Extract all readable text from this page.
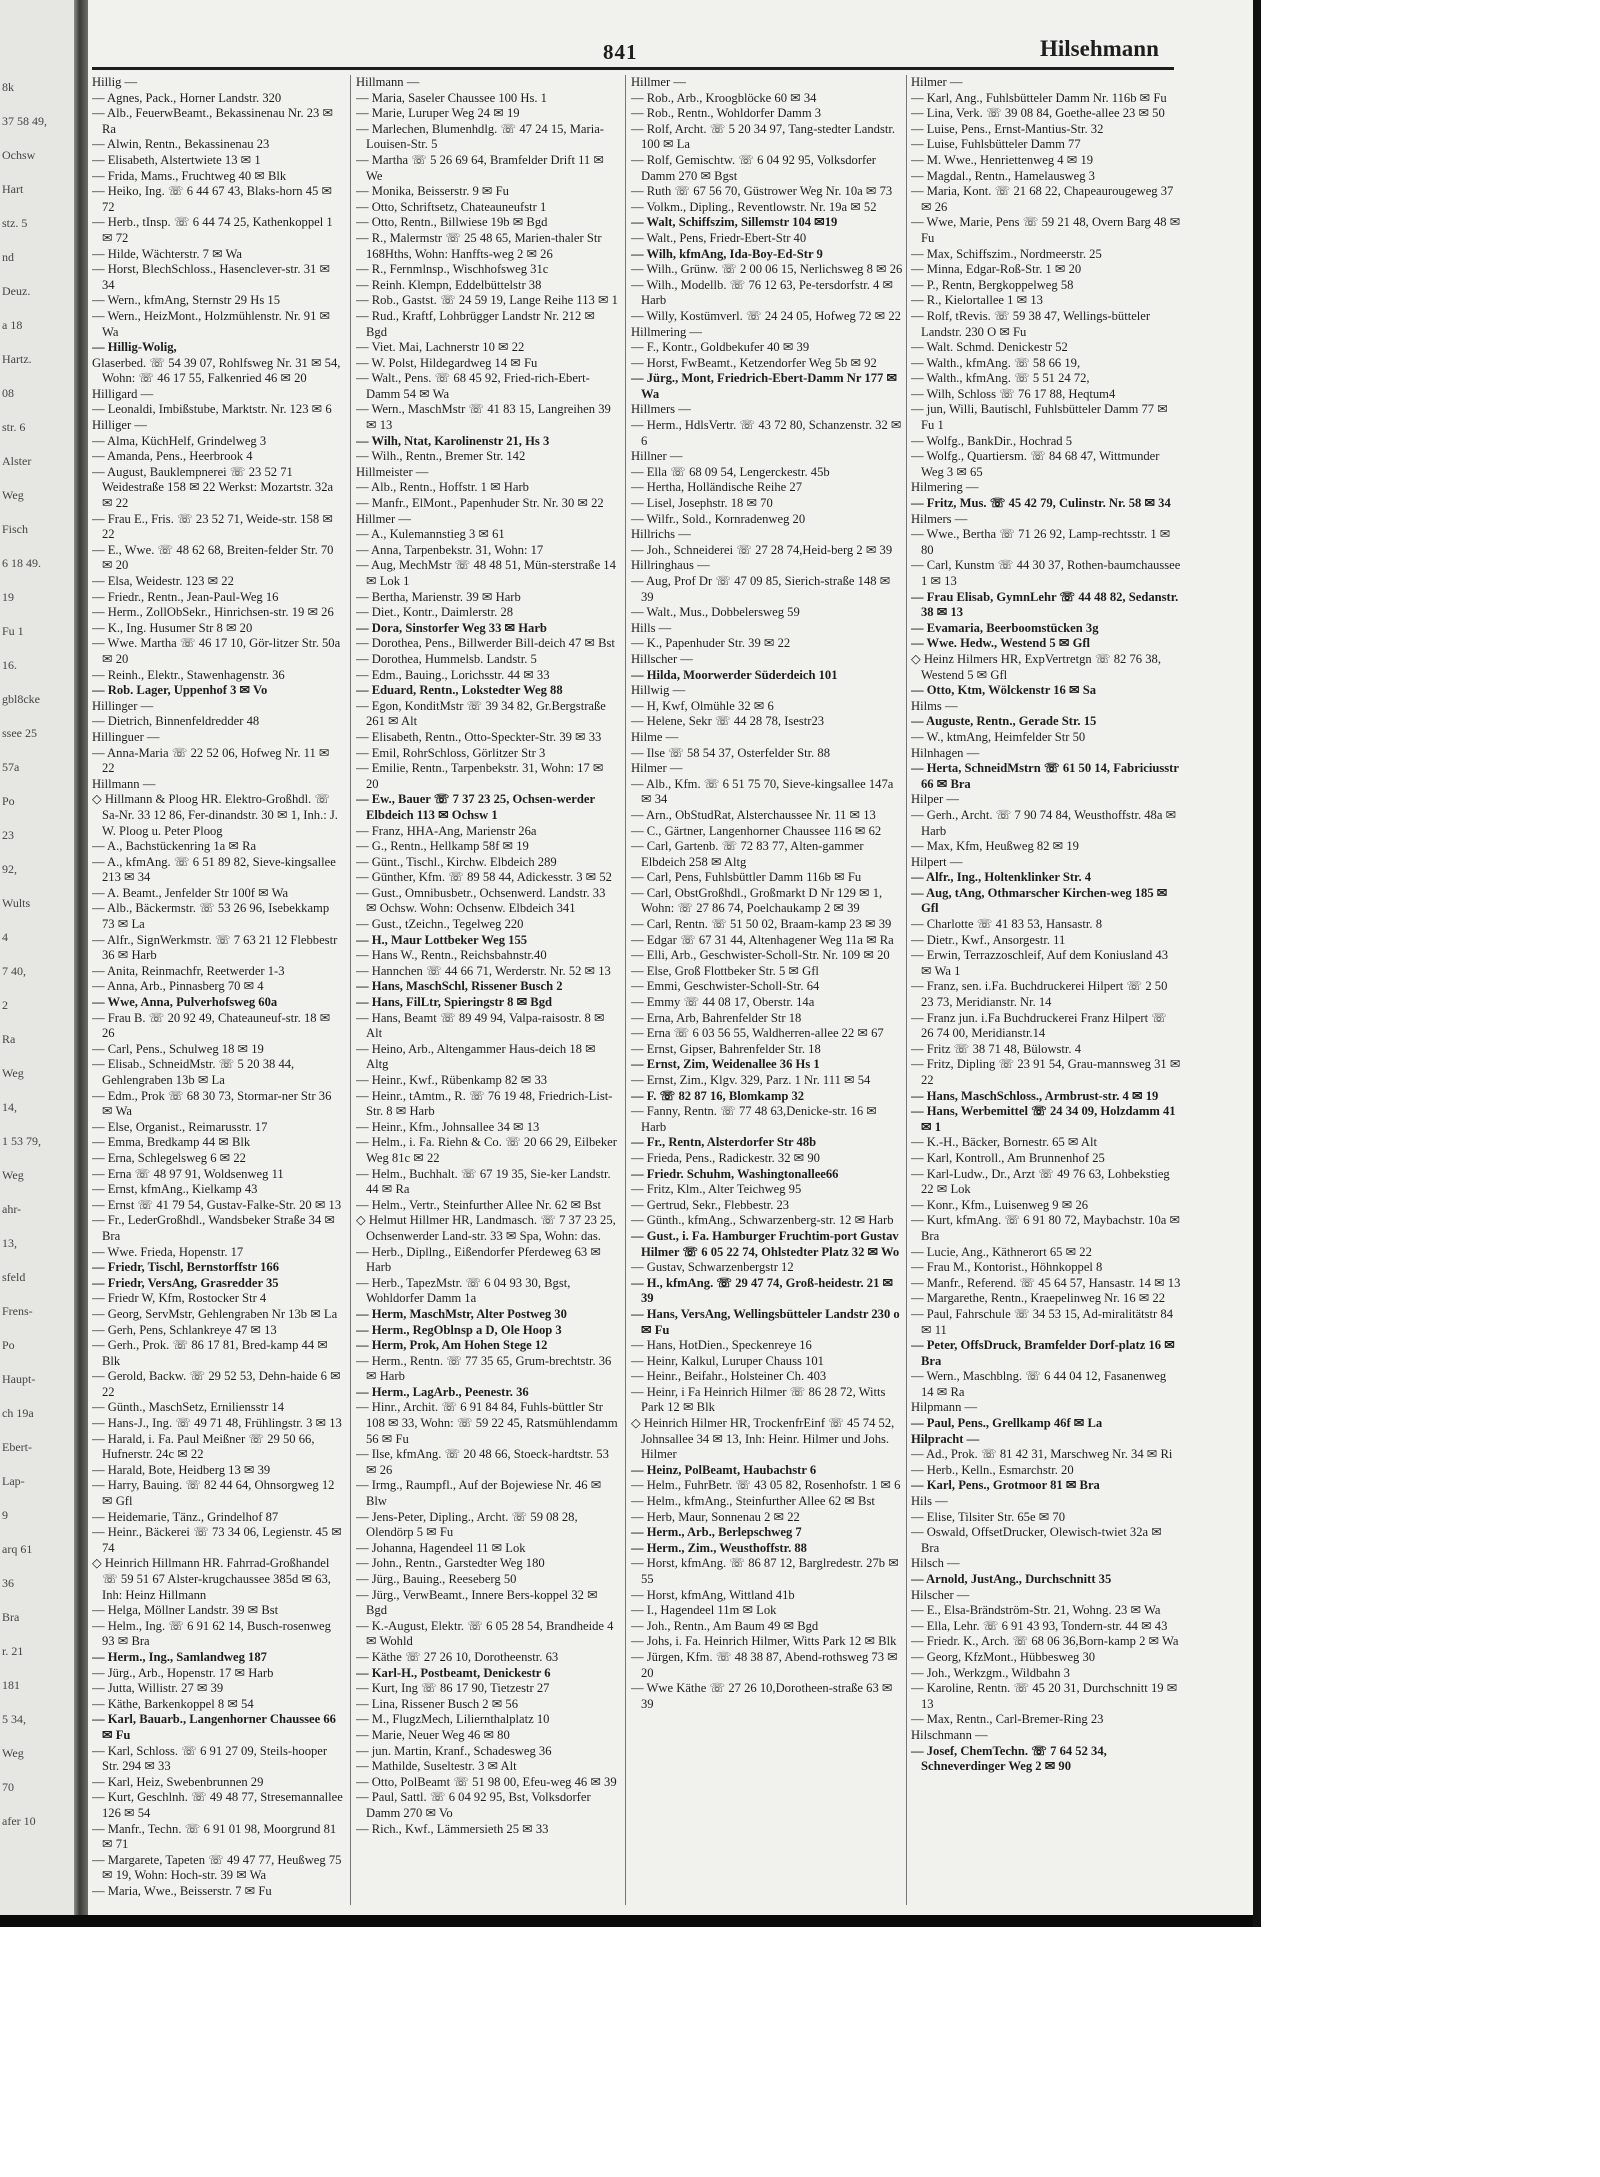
8k
37 58 49,
Ochsw
Hart
stz. 5
nd
Deuz.
a 18
Hartz.
08
str. 6
Alster
Weg
Fisch
6 18 49.
19
Fu 1
16.
gbl8cke
ssee 25
57a
Po
23
92,
Wults
4
7 40,
2
Ra
Weg
14,
1 53 79,
Weg
ahr-
13,
sfeld
Frens-
Po
Haupt-
ch 19a
Ebert-
Lap-
9
arq 61
36
Bra
r. 21
181
5 34,
Weg
70
afer 10
841	Hilsehmann

Hillig —

— Agnes, Pack., Horner Landstr. 320

— Alb., FeuerwBeamt., Bekassinenau Nr. 23 ✉ Ra

— Alwin, Rentn., Bekassinenau 23

— Elisabeth, Alstertwiete 13 ✉ 1

— Frida, Mams., Fruchtweg 40 ✉ Blk

— Heiko, Ing. ☏ 6 44 67 43, Blaks-horn 45 ✉ 72

— Herb., tInsp. ☏ 6 44 74 25, Kathenkoppel 1 ✉ 72

— Hilde, Wächterstr. 7 ✉ Wa

— Horst, BlechSchloss., Hasenclever-str. 31 ✉ 34

— Wern., kfmAng, Sternstr 29 Hs 15

— Wern., HeizMont., Holzmühlenstr. Nr. 91 ✉ Wa

— Hillig-Wolig,

Glaserbed. ☏ 54 39 07, Rohlfsweg Nr. 31 ✉ 54, Wohn: ☏ 46 17 55, Falkenried 46 ✉ 20

Hilligard —

— Leonaldi, Imbißstube, Marktstr. Nr. 123 ✉ 6

Hilliger —

— Alma, KüchHelf, Grindelweg 3

— Amanda, Pens., Heerbrook 4

— August, Bauklempnerei ☏ 23 52 71 Weidestraße 158 ✉ 22 Werkst: Mozartstr. 32a ✉ 22

— Frau E., Fris. ☏ 23 52 71, Weide-str. 158 ✉ 22

— E., Wwe. ☏ 48 62 68, Breiten-felder Str. 70 ✉ 20

— Elsa, Weidestr. 123 ✉ 22

— Friedr., Rentn., Jean-Paul-Weg 16

— Herm., ZollObSekr., Hinrichsen-str. 19 ✉ 26

— K., Ing. Husumer Str 8 ✉ 20

— Wwe. Martha ☏ 46 17 10, Gör-litzer Str. 50a ✉ 20

— Reinh., Elektr., Stawenhagenstr. 36

— Rob. Lager, Uppenhof 3 ✉ Vo

Hillinger —

— Dietrich, Binnenfeldredder 48

Hillinguer —

— Anna-Maria ☏ 22 52 06, Hofweg Nr. 11 ✉ 22

Hillmann —

◇ Hillmann & Ploog HR. Elektro-Großhdl. ☏ Sa-Nr. 33 12 86, Fer-dinandstr. 30 ✉ 1, Inh.: J. W. Ploog u. Peter Ploog

— A., Bachstückenring 1a ✉ Ra

— A., kfmAng. ☏ 6 51 89 82, Sieve-kingsallee 213 ✉ 34

— A. Beamt., Jenfelder Str 100f ✉ Wa

— Alb., Bäckermstr. ☏ 53 26 96, Isebekkamp 73 ✉ La

— Alfr., SignWerkmstr. ☏ 7 63 21 12 Flebbestr 36 ✉ Harb

— Anita, Reinmachfr, Reetwerder 1-3

— Anna, Arb., Pinnasberg 70 ✉ 4

— Wwe, Anna, Pulverhofsweg 60a

— Frau B. ☏ 20 92 49, Chateauneuf-str. 18 ✉ 26

— Carl, Pens., Schulweg 18 ✉ 19

— Elisab., SchneidMstr. ☏ 5 20 38 44, Gehlengraben 13b ✉ La

— Edm., Prok ☏ 68 30 73, Stormar-ner Str 36 ✉ Wa

— Else, Organist., Reimarusstr. 17

— Emma, Bredkamp 44 ✉ Blk

— Erna, Schlegelsweg 6 ✉ 22

— Erna ☏ 48 97 91, Woldsenweg 11

— Ernst, kfmAng., Kielkamp 43

— Ernst ☏ 41 79 54, Gustav-Falke-Str. 20 ✉ 13

— Fr., LederGroßhdl., Wandsbeker Straße 34 ✉ Bra

— Wwe. Frieda, Hopenstr. 17

— Friedr, Tischl, Bernstorffstr 166

— Friedr, VersAng, Grasredder 35

— Friedr W, Kfm, Rostocker Str 4

— Georg, ServMstr, Gehlengraben Nr 13b ✉ La

— Gerh, Pens, Schlankreye 47 ✉ 13

— Gerh., Prok. ☏ 86 17 81, Bred-kamp 44 ✉ Blk

— Gerold, Backw. ☏ 29 52 53, Dehn-haide 6 ✉ 22

— Günth., MaschSetz, Erniliensstr 14

— Hans-J., Ing. ☏ 49 71 48, Frühlingstr. 3 ✉ 13

— Harald, i. Fa. Paul Meißner ☏ 29 50 66, Hufnerstr. 24c ✉ 22

— Harald, Bote, Heidberg 13 ✉ 39

— Harry, Bauing. ☏ 82 44 64, Ohnsorgweg 12 ✉ Gfl

— Heidemarie, Tänz., Grindelhof 87

— Heinr., Bäckerei ☏ 73 34 06, Legienstr. 45 ✉ 74

◇ Heinrich Hillmann HR. Fahrrad-Großhandel ☏ 59 51 67 Alster-krugchaussee 385d ✉ 63, Inh: Heinz Hillmann

— Helga, Möllner Landstr. 39 ✉ Bst

— Helm., Ing. ☏ 6 91 62 14, Busch-rosenweg 93 ✉ Bra

— Herm., Ing., Samlandweg 187

— Jürg., Arb., Hopenstr. 17 ✉ Harb

— Jutta, Willistr. 27 ✉ 39

— Käthe, Barkenkoppel 8 ✉ 54

— Karl, Bauarb., Langenhorner Chaussee 66 ✉ Fu

— Karl, Schloss. ☏ 6 91 27 09, Steils-hooper Str. 294 ✉ 33

— Karl, Heiz, Swebenbrunnen 29

— Kurt, Geschlnh. ☏ 49 48 77, Stresemannallee 126 ✉ 54

— Manfr., Techn. ☏ 6 91 01 98, Moorgrund 81 ✉ 71

— Margarete, Tapeten ☏ 49 47 77, Heußweg 75 ✉ 19, Wohn: Hoch-str. 39 ✉ Wa

— Maria, Wwe., Beisserstr. 7 ✉ Fu

Hillmann —

— Maria, Saseler Chaussee 100 Hs. 1

— Marie, Luruper Weg 24 ✉ 19

— Marlechen, Blumenhdlg. ☏ 47 24 15, Maria-Louisen-Str. 5

— Martha ☏ 5 26 69 64, Bramfelder Drift 11 ✉ We

— Monika, Beisserstr. 9 ✉ Fu

— Otto, Schriftsetz, Chateauneufstr 1

— Otto, Rentn., Billwiese 19b ✉ Bgd

— R., Malermstr ☏ 25 48 65, Marien-thaler Str 168Hths, Wohn: Hanffts-weg 2 ✉ 26

— R., Fernmlnsp., Wischhofsweg 31c

— Reinh. Klempn, Eddelbüttelstr 38

— Rob., Gastst. ☏ 24 59 19, Lange Reihe 113 ✉ 1

— Rud., Kraftf, Lohbrügger Landstr Nr. 212 ✉ Bgd

— Viet. Mai, Lachnerstr 10 ✉ 22

— W. Polst, Hildegardweg 14 ✉ Fu

— Walt., Pens. ☏ 68 45 92, Fried-rich-Ebert-Damm 54 ✉ Wa

— Wern., MaschMstr ☏ 41 83 15, Langreihen 39 ✉ 13

— Wilh, Ntat, Karolinenstr 21, Hs 3

— Wilh., Rentn., Bremer Str. 142

Hillmeister —

— Alb., Rentn., Hoffstr. 1 ✉ Harb

— Manfr., ElMont., Papenhuder Str. Nr. 30 ✉ 22

Hillmer —

— A., Kulemannstieg 3 ✉ 61

— Anna, Tarpenbekstr. 31, Wohn: 17

— Aug, MechMstr ☏ 48 48 51, Mün-sterstraße 14 ✉ Lok 1

— Bertha, Marienstr. 39 ✉ Harb

— Diet., Kontr., Daimlerstr. 28

— Dora, Sinstorfer Weg 33 ✉ Harb

— Dorothea, Pens., Billwerder Bill-deich 47 ✉ Bst

— Dorothea, Hummelsb. Landstr. 5

— Edm., Bauing., Lorichsstr. 44 ✉ 33

— Eduard, Rentn., Lokstedter Weg 88

— Egon, KonditMstr ☏ 39 34 82, Gr.Bergstraße 261 ✉ Alt

— Elisabeth, Rentn., Otto-Speckter-Str. 39 ✉ 33

— Emil, RohrSchloss, Görlitzer Str 3

— Emilie, Rentn., Tarpenbekstr. 31, Wohn: 17 ✉ 20

— Ew., Bauer ☏ 7 37 23 25, Ochsen-werder Elbdeich 113 ✉ Ochsw 1

— Franz, HHA-Ang, Marienstr 26a

— G., Rentn., Hellkamp 58f ✉ 19

— Günt., Tischl., Kirchw. Elbdeich 289

— Günther, Kfm. ☏ 89 58 44, Adickesstr. 3 ✉ 52

— Gust., Omnibusbetr., Ochsenwerd. Landstr. 33 ✉ Ochsw. Wohn: Ochsenw. Elbdeich 341

— Gust., tZeichn., Tegelweg 220

— H., Maur Lottbeker Weg 155

— Hans W., Rentn., Reichsbahnstr.40

— Hannchen ☏ 44 66 71, Werderstr. Nr. 52 ✉ 13

— Hans, MaschSchl, Rissener Busch 2

— Hans, FilLtr, Spieringstr 8 ✉ Bgd

— Hans, Beamt ☏ 89 49 94, Valpa-raisostr. 8 ✉ Alt

— Heino, Arb., Altengammer Haus-deich 18 ✉ Altg

— Heinr., Kwf., Rübenkamp 82 ✉ 33

— Heinr., tAmtm., R. ☏ 76 19 48, Friedrich-List-Str. 8 ✉ Harb

— Heinr., Kfm., Johnsallee 34 ✉ 13

— Helm., i. Fa. Riehn & Co. ☏ 20 66 29, Eilbeker Weg 81c ✉ 22

— Helm., Buchhalt. ☏ 67 19 35, Sie-ker Landstr. 44 ✉ Ra

— Helm., Vertr., Steinfurther Allee Nr. 62 ✉ Bst

◇ Helmut Hillmer HR, Landmasch. ☏ 7 37 23 25, Ochsenwerder Land-str. 33 ✉ Spa, Wohn: das.

— Herb., Dipllng., Eißendorfer Pferdeweg 63 ✉ Harb

— Herb., TapezMstr. ☏ 6 04 93 30, Bgst, Wohldorfer Damm 1a

— Herm, MaschMstr, Alter Postweg 30

— Herm., RegOblnsp a D, Ole Hoop 3

— Herm, Prok, Am Hohen Stege 12

— Herm., Rentn. ☏ 77 35 65, Grum-brechtstr. 36 ✉ Harb

— Herm., LagArb., Peenestr. 36

— Hinr., Archit. ☏ 6 91 84 84, Fuhls-büttler Str 108 ✉ 33, Wohn: ☏ 59 22 45, Ratsmühlendamm 56 ✉ Fu

— Ilse, kfmAng. ☏ 20 48 66, Stoeck-hardtstr. 53 ✉ 26

— Irmg., Raumpfl., Auf der Bojewiese Nr. 46 ✉ Blw

— Jens-Peter, Dipling., Archt. ☏ 59 08 28, Olendörp 5 ✉ Fu

— Johanna, Hagendeel 11 ✉ Lok

— John., Rentn., Garstedter Weg 180

— Jürg., Bauing., Reeseberg 50

— Jürg., VerwBeamt., Innere Bers-koppel 32 ✉ Bgd

— K.-August, Elektr. ☏ 6 05 28 54, Brandheide 4 ✉ Wohld

— Käthe ☏ 27 26 10, Dorotheenstr. 63

— Karl-H., Postbeamt, Denickestr 6

— Kurt, Ing ☏ 86 17 90, Tietzestr 27

— Lina, Rissener Busch 2 ✉ 56

— M., FlugzMech, Liliernthalplatz 10

— Marie, Neuer Weg 46 ✉ 80

— jun. Martin, Kranf., Schadesweg 36

— Mathilde, Suseltestr. 3 ✉ Alt

— Otto, PolBeamt ☏ 51 98 00, Efeu-weg 46 ✉ 39

— Paul, Sattl. ☏ 6 04 92 95, Bst, Volksdorfer Damm 270 ✉ Vo

— Rich., Kwf., Lämmersieth 25 ✉ 33

Hillmer —

— Rob., Arb., Kroogblöcke 60 ✉ 34

— Rob., Rentn., Wohldorfer Damm 3

— Rolf, Archt. ☏ 5 20 34 97, Tang-stedter Landstr. 100 ✉ La

— Rolf, Gemischtw. ☏ 6 04 92 95, Volksdorfer Damm 270 ✉ Bgst

— Ruth ☏ 67 56 70, Güstrower Weg Nr. 10a ✉ 73

— Volkm., Dipling., Reventlowstr. Nr. 19a ✉ 52

— Walt, Schiffszim, Sillemstr 104 ✉19

— Walt., Pens, Friedr-Ebert-Str 40

— Wilh, kfmAng, Ida-Boy-Ed-Str 9

— Wilh., Grünw. ☏ 2 00 06 15, Nerlichsweg 8 ✉ 26

— Wilh., Modellb. ☏ 76 12 63, Pe-tersdorfstr. 4 ✉ Harb

— Willy, Kostümverl. ☏ 24 24 05, Hofweg 72 ✉ 22

Hillmering —

— F., Kontr., Goldbekufer 40 ✉ 39

— Horst, FwBeamt., Ketzendorfer Weg 5b ✉ 92

— Jürg., Mont, Friedrich-Ebert-Damm Nr 177 ✉ Wa

Hillmers —

— Herm., HdlsVertr. ☏ 43 72 80, Schanzenstr. 32 ✉ 6

Hillner —

— Ella ☏ 68 09 54, Lengerckestr. 45b

— Hertha, Holländische Reihe 27

— Lisel, Josephstr. 18 ✉ 70

— Wilfr., Sold., Kornradenweg 20

Hillrichs —

— Joh., Schneiderei ☏ 27 28 74,Heid-berg 2 ✉ 39

Hillringhaus —

— Aug, Prof Dr ☏ 47 09 85, Sierich-straße 148 ✉ 39

— Walt., Mus., Dobbelersweg 59

Hills —

— K., Papenhuder Str. 39 ✉ 22

Hillscher —

— Hilda, Moorwerder Süderdeich 101

Hillwig —

— H, Kwf, Olmühle 32 ✉ 6

— Helene, Sekr ☏ 44 28 78, Isestr23

Hilme —

— Ilse ☏ 58 54 37, Osterfelder Str. 88

Hilmer —

— Alb., Kfm. ☏ 6 51 75 70, Sieve-kingsallee 147a ✉ 34

— Arn., ObStudRat, Alsterchaussee Nr. 11 ✉ 13

— C., Gärtner, Langenhorner Chaussee 116 ✉ 62

— Carl, Gartenb. ☏ 72 83 77, Alten-gammer Elbdeich 258 ✉ Altg

— Carl, Pens, Fuhlsbüttler Damm 116b ✉ Fu

— Carl, ObstGroßhdl., Großmarkt D Nr 129 ✉ 1, Wohn: ☏ 27 86 74, Poelchaukamp 2 ✉ 39

— Carl, Rentn. ☏ 51 50 02, Braam-kamp 23 ✉ 39

— Edgar ☏ 67 31 44, Altenhagener Weg 11a ✉ Ra

— Elli, Arb., Geschwister-Scholl-Str. Nr. 109 ✉ 20

— Else, Groß Flottbeker Str. 5 ✉ Gfl

— Emmi, Geschwister-Scholl-Str. 64

— Emmy ☏ 44 08 17, Oberstr. 14a

— Erna, Arb, Bahrenfelder Str 18

— Erna ☏ 6 03 56 55, Waldherren-allee 22 ✉ 67

— Ernst, Gipser, Bahrenfelder Str. 18

— Ernst, Zim, Weidenallee 36 Hs 1

— Ernst, Zim., Klgv. 329, Parz. 1 Nr. 111 ✉ 54

— F. ☏ 82 87 16, Blomkamp 32

— Fanny, Rentn. ☏ 77 48 63,Denicke-str. 16 ✉ Harb

— Fr., Rentn, Alsterdorfer Str 48b

— Frieda, Pens., Radickestr. 32 ✉ 90

— Friedr. Schuhm, Washingtonallee66

— Fritz, Klm., Alter Teichweg 95

— Gertrud, Sekr., Flebbestr. 23

— Günth., kfmAng., Schwarzenberg-str. 12 ✉ Harb

— Gust., i. Fa. Hamburger Fruchtim-port Gustav Hilmer ☏ 6 05 22 74, Ohlstedter Platz 32 ✉ Wo

— Gustav, Schwarzenbergstr 12

— H., kfmAng. ☏ 29 47 74, Groß-heidestr. 21 ✉ 39

— Hans, VersAng, Wellingsbütteler Landstr 230 o ✉ Fu

— Hans, HotDien., Speckenreye 16

— Heinr, Kalkul, Luruper Chauss 101

— Heinr., Beifahr., Holsteiner Ch. 403

— Heinr, i Fa Heinrich Hilmer ☏ 86 28 72, Witts Park 12 ✉ Blk

◇ Heinrich Hilmer HR, TrockenfrEinf ☏ 45 74 52, Johnsallee 34 ✉ 13, Inh: Heinr. Hilmer und Johs. Hilmer

— Heinz, PolBeamt, Haubachstr 6

— Helm., FuhrBetr. ☏ 43 05 82, Rosenhofstr. 1 ✉ 6

— Helm., kfmAng., Steinfurther Allee 62 ✉ Bst

— Herb, Maur, Sonnenau 2 ✉ 22

— Herm., Arb., Berlepschweg 7

— Herm., Zim., Weusthoffstr. 88

— Horst, kfmAng. ☏ 86 87 12, Barglredestr. 27b ✉ 55

— Horst, kfmAng, Wittland 41b

— I., Hagendeel 11m ✉ Lok

— Joh., Rentn., Am Baum 49 ✉ Bgd

— Johs, i. Fa. Heinrich Hilmer, Witts Park 12 ✉ Blk

— Jürgen, Kfm. ☏ 48 38 87, Abend-rothsweg 73 ✉ 20

— Wwe Käthe ☏ 27 26 10,Dorotheen-straße 63 ✉ 39

Hilmer —

— Karl, Ang., Fuhlsbütteler Damm Nr. 116b ✉ Fu

— Lina, Verk. ☏ 39 08 84, Goethe-allee 23 ✉ 50

— Luise, Pens., Ernst-Mantius-Str. 32

— Luise, Fuhlsbütteler Damm 77

— M. Wwe., Henriettenweg 4 ✉ 19

— Magdal., Rentn., Hamelausweg 3

— Maria, Kont. ☏ 21 68 22, Chapeaurougeweg 37 ✉ 26

— Wwe, Marie, Pens ☏ 59 21 48, Overn Barg 48 ✉ Fu

— Max, Schiffszim., Nordmeerstr. 25

— Minna, Edgar-Roß-Str. 1 ✉ 20

— P., Rentn, Bergkoppelweg 58

— R., Kielortallee 1 ✉ 13

— Rolf, tRevis. ☏ 59 38 47, Wellings-bütteler Landstr. 230 O ✉ Fu

— Walt. Schmd. Denickestr 52

— Walth., kfmAng. ☏ 58 66 19,

— Walth., kfmAng. ☏ 5 51 24 72,

— Wilh, Schloss ☏ 76 17 88, Heqtum4

— jun, Willi, Bautischl, Fuhlsbütteler Damm 77 ✉ Fu 1

— Wolfg., BankDir., Hochrad 5

— Wolfg., Quartiersm. ☏ 84 68 47, Wittmunder Weg 3 ✉ 65

Hilmering —

— Fritz, Mus. ☏ 45 42 79, Culinstr. Nr. 58 ✉ 34

Hilmers —

— Wwe., Bertha ☏ 71 26 92, Lamp-rechtsstr. 1 ✉ 80

— Carl, Kunstm ☏ 44 30 37, Rothen-baumchaussee 1 ✉ 13

— Frau Elisab, GymnLehr ☏ 44 48 82, Sedanstr. 38 ✉ 13

— Evamaria, Beerboomstücken 3g

— Wwe. Hedw., Westend 5 ✉ Gfl

◇ Heinz Hilmers HR, ExpVertretgn ☏ 82 76 38, Westend 5 ✉ Gfl

— Otto, Ktm, Wölckenstr 16 ✉ Sa

Hilms —

— Auguste, Rentn., Gerade Str. 15

— W., ktmAng, Heimfelder Str 50

Hilnhagen —

— Herta, SchneidMstrn ☏ 61 50 14, Fabriciusstr 66 ✉ Bra

Hilper —

— Gerh., Archt. ☏ 7 90 74 84, Weusthoffstr. 48a ✉ Harb

— Max, Kfm, Heußweg 82 ✉ 19

Hilpert —

— Alfr., Ing., Holtenklinker Str. 4

— Aug, tAng, Othmarscher Kirchen-weg 185 ✉ Gfl

— Charlotte ☏ 41 83 53, Hansastr. 8

— Dietr., Kwf., Ansorgestr. 11

— Erwin, Terrazzoschleif, Auf dem Koniusland 43 ✉ Wa 1

— Franz, sen. i.Fa. Buchdruckerei Hilpert ☏ 2 50 23 73, Meridianstr. Nr. 14

— Franz jun. i.Fa Buchdruckerei Franz Hilpert ☏ 26 74 00, Meridianstr.14

— Fritz ☏ 38 71 48, Bülowstr. 4

— Fritz, Dipling ☏ 23 91 54, Grau-mannsweg 31 ✉ 22

— Hans, MaschSchloss., Armbrust-str. 4 ✉ 19

— Hans, Werbemittel ☏ 24 34 09, Holzdamm 41 ✉ 1

— K.-H., Bäcker, Bornestr. 65 ✉ Alt

— Karl, Kontroll., Am Brunnenhof 25

— Karl-Ludw., Dr., Arzt ☏ 49 76 63, Lohbekstieg 22 ✉ Lok

— Konr., Kfm., Luisenweg 9 ✉ 26

— Kurt, kfmAng. ☏ 6 91 80 72, Maybachstr. 10a ✉ Bra

— Lucie, Ang., Käthnerort 65 ✉ 22

— Frau M., Kontorist., Höhnkoppel 8

— Manfr., Referend. ☏ 45 64 57, Hansastr. 14 ✉ 13

— Margarethe, Rentn., Kraepelinweg Nr. 16 ✉ 22

— Paul, Fahrschule ☏ 34 53 15, Ad-miralitätstr 84 ✉ 11

— Peter, OffsDruck, Bramfelder Dorf-platz 16 ✉ Bra

— Wern., Maschblng. ☏ 6 44 04 12, Fasanenweg 14 ✉ Ra

Hilpmann —

— Paul, Pens., Grellkamp 46f ✉ La

Hilpracht —

— Ad., Prok. ☏ 81 42 31, Marschweg Nr. 34 ✉ Ri

— Herb., Kelln., Esmarchstr. 20

— Karl, Pens., Grotmoor 81 ✉ Bra

Hils —

— Elise, Tilsiter Str. 65e ✉ 70

— Oswald, OffsetDrucker, Olewisch-twiet 32a ✉ Bra

Hilsch —

— Arnold, JustAng., Durchschnitt 35

Hilscher —

— E., Elsa-Brändström-Str. 21, Wohng. 23 ✉ Wa

— Ella, Lehr. ☏ 6 91 43 93, Tondern-str. 44 ✉ 43

— Friedr. K., Arch. ☏ 68 06 36,Born-kamp 2 ✉ Wa

— Georg, KfzMont., Hübbesweg 30

— Joh., Werkzgm., Wildbahn 3

— Karoline, Rentn. ☏ 45 20 31, Durchschnitt 19 ✉ 13

— Max, Rentn., Carl-Bremer-Ring 23

Hilschmann —

— Josef, ChemTechn. ☏ 7 64 52 34, Schneverdinger Weg 2 ✉ 90
